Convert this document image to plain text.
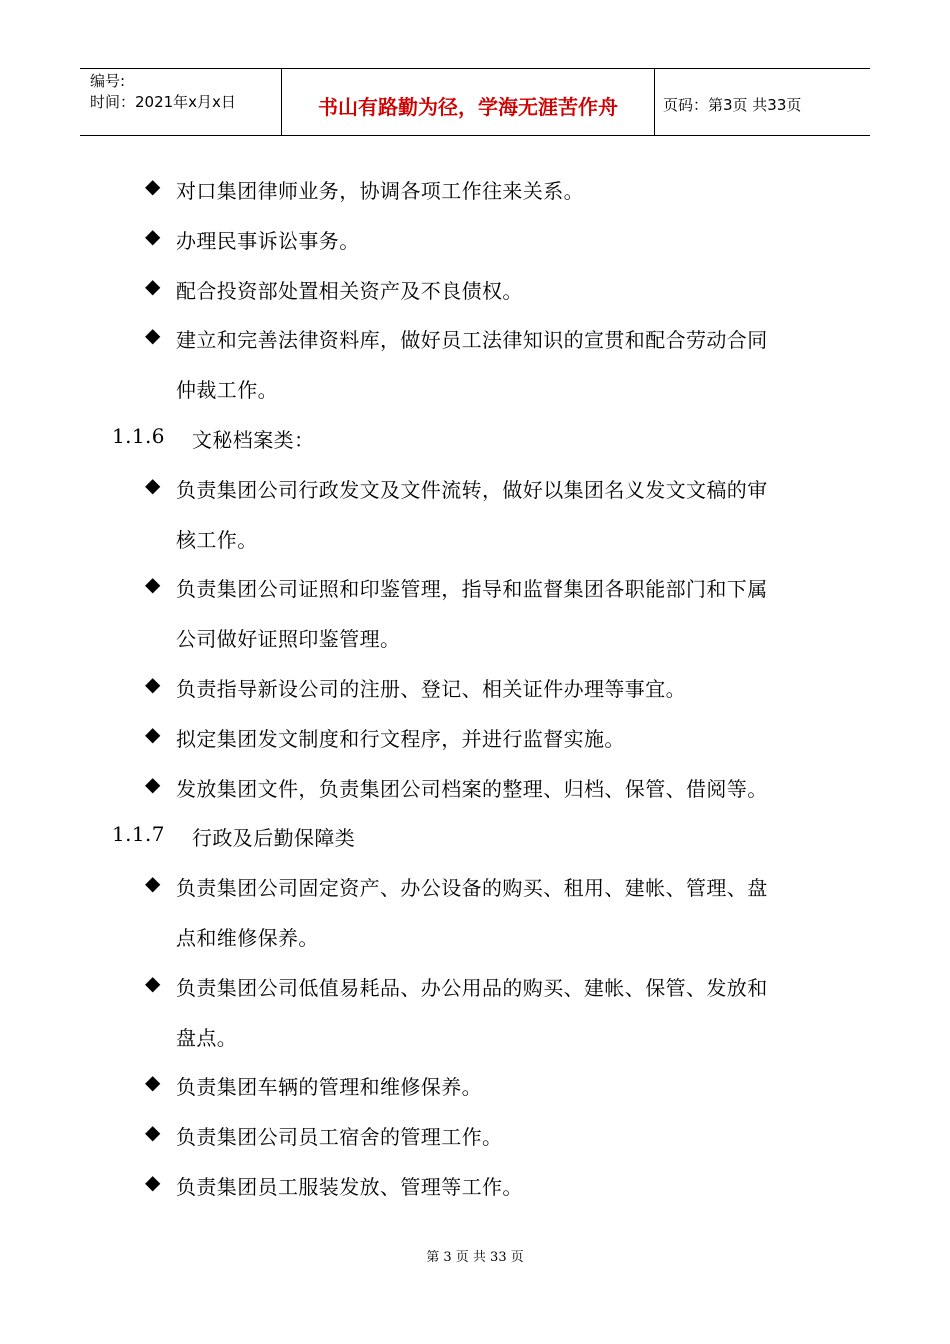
编号:
时间：2021年x月x日	书山有路勤为径，学海无涯苦作舟	页码：第3页 共33页
◆ 对口集团律师业务，协调各项工作往来关系。
◆ 办理民事诉讼事务。
◆ 配合投资部处置相关资产及不良债权。
◆ 建立和完善法律资料库，做好员工法律知识的宣贯和配合劳动合同
仲裁工作。
1.1.6 文秘档案类：
◆ 负责集团公司行政发文及文件流转，做好以集团名义发文文稿的审
核工作。
◆ 负责集团公司证照和印鉴管理，指导和监督集团各职能部门和下属
公司做好证照印鉴管理。
◆ 负责指导新设公司的注册、登记、相关证件办理等事宜。
◆ 拟定集团发文制度和行文程序，并进行监督实施。
◆ 发放集团文件，负责集团公司档案的整理、归档、保管、借阅等。
1.1.7 行政及后勤保障类
◆ 负责集团公司固定资产、办公设备的购买、租用、建帐、管理、盘
点和维修保养。
◆ 负责集团公司低值易耗品、办公用品的购买、建帐、保管、发放和
盘点。
◆ 负责集团车辆的管理和维修保养。
◆ 负责集团公司员工宿舍的管理工作。
◆ 负责集团员工服装发放、管理等工作。
第 3 页 共 33 页
